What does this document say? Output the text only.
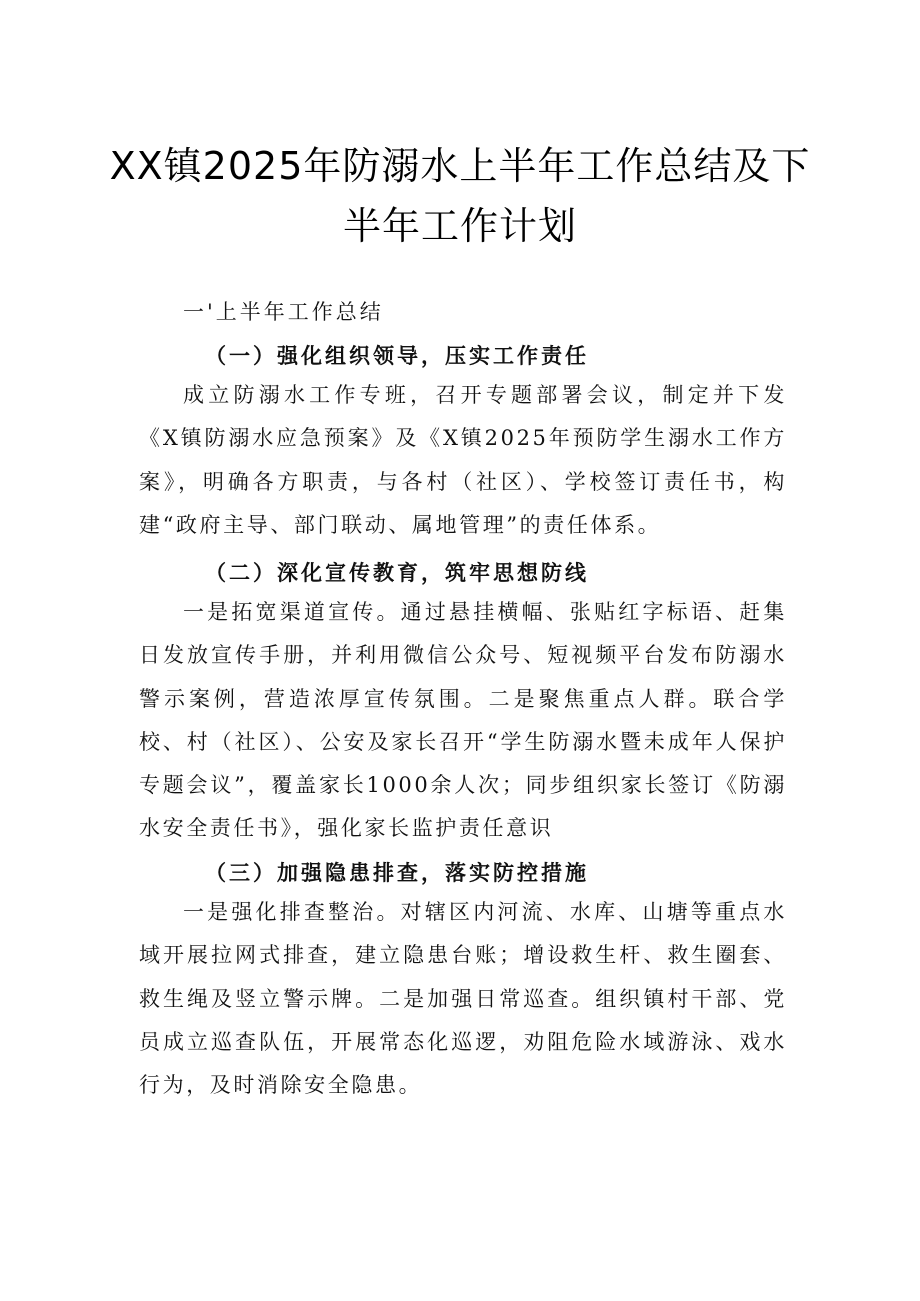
XX镇2025年防溺水上半年工作总结及下
半年工作计划
一'上半年工作总结
（一）强化组织领导，压实工作责任

成立防溺水工作专班，召开专题部署会议，制定并下发《X镇防溺水应急预案》及《X镇2025年预防学生溺水工作方案》，明确各方职责，与各村（社区）、学校签订责任书，构建“政府主导、部门联动、属地管理”的责任体系。

（二）深化宣传教育，筑牢思想防线

一是拓宽渠道宣传。通过悬挂横幅、张贴红字标语、赶集日发放宣传手册，并利用微信公众号、短视频平台发布防溺水警示案例，营造浓厚宣传氛围。二是聚焦重点人群。联合学校、村（社区）、公安及家长召开“学生防溺水暨未成年人保护专题会议”，覆盖家长1000余人次；同步组织家长签订《防溺水安全责任书》，强化家长监护责任意识

（三）加强隐患排查，落实防控措施

一是强化排查整治。对辖区内河流、水库、山塘等重点水域开展拉网式排查，建立隐患台账；增设救生杆、救生圈套、救生绳及竖立警示牌。二是加强日常巡查。组织镇村干部、党员成立巡查队伍，开展常态化巡逻，劝阻危险水域游泳、戏水行为，及时消除安全隐患。
